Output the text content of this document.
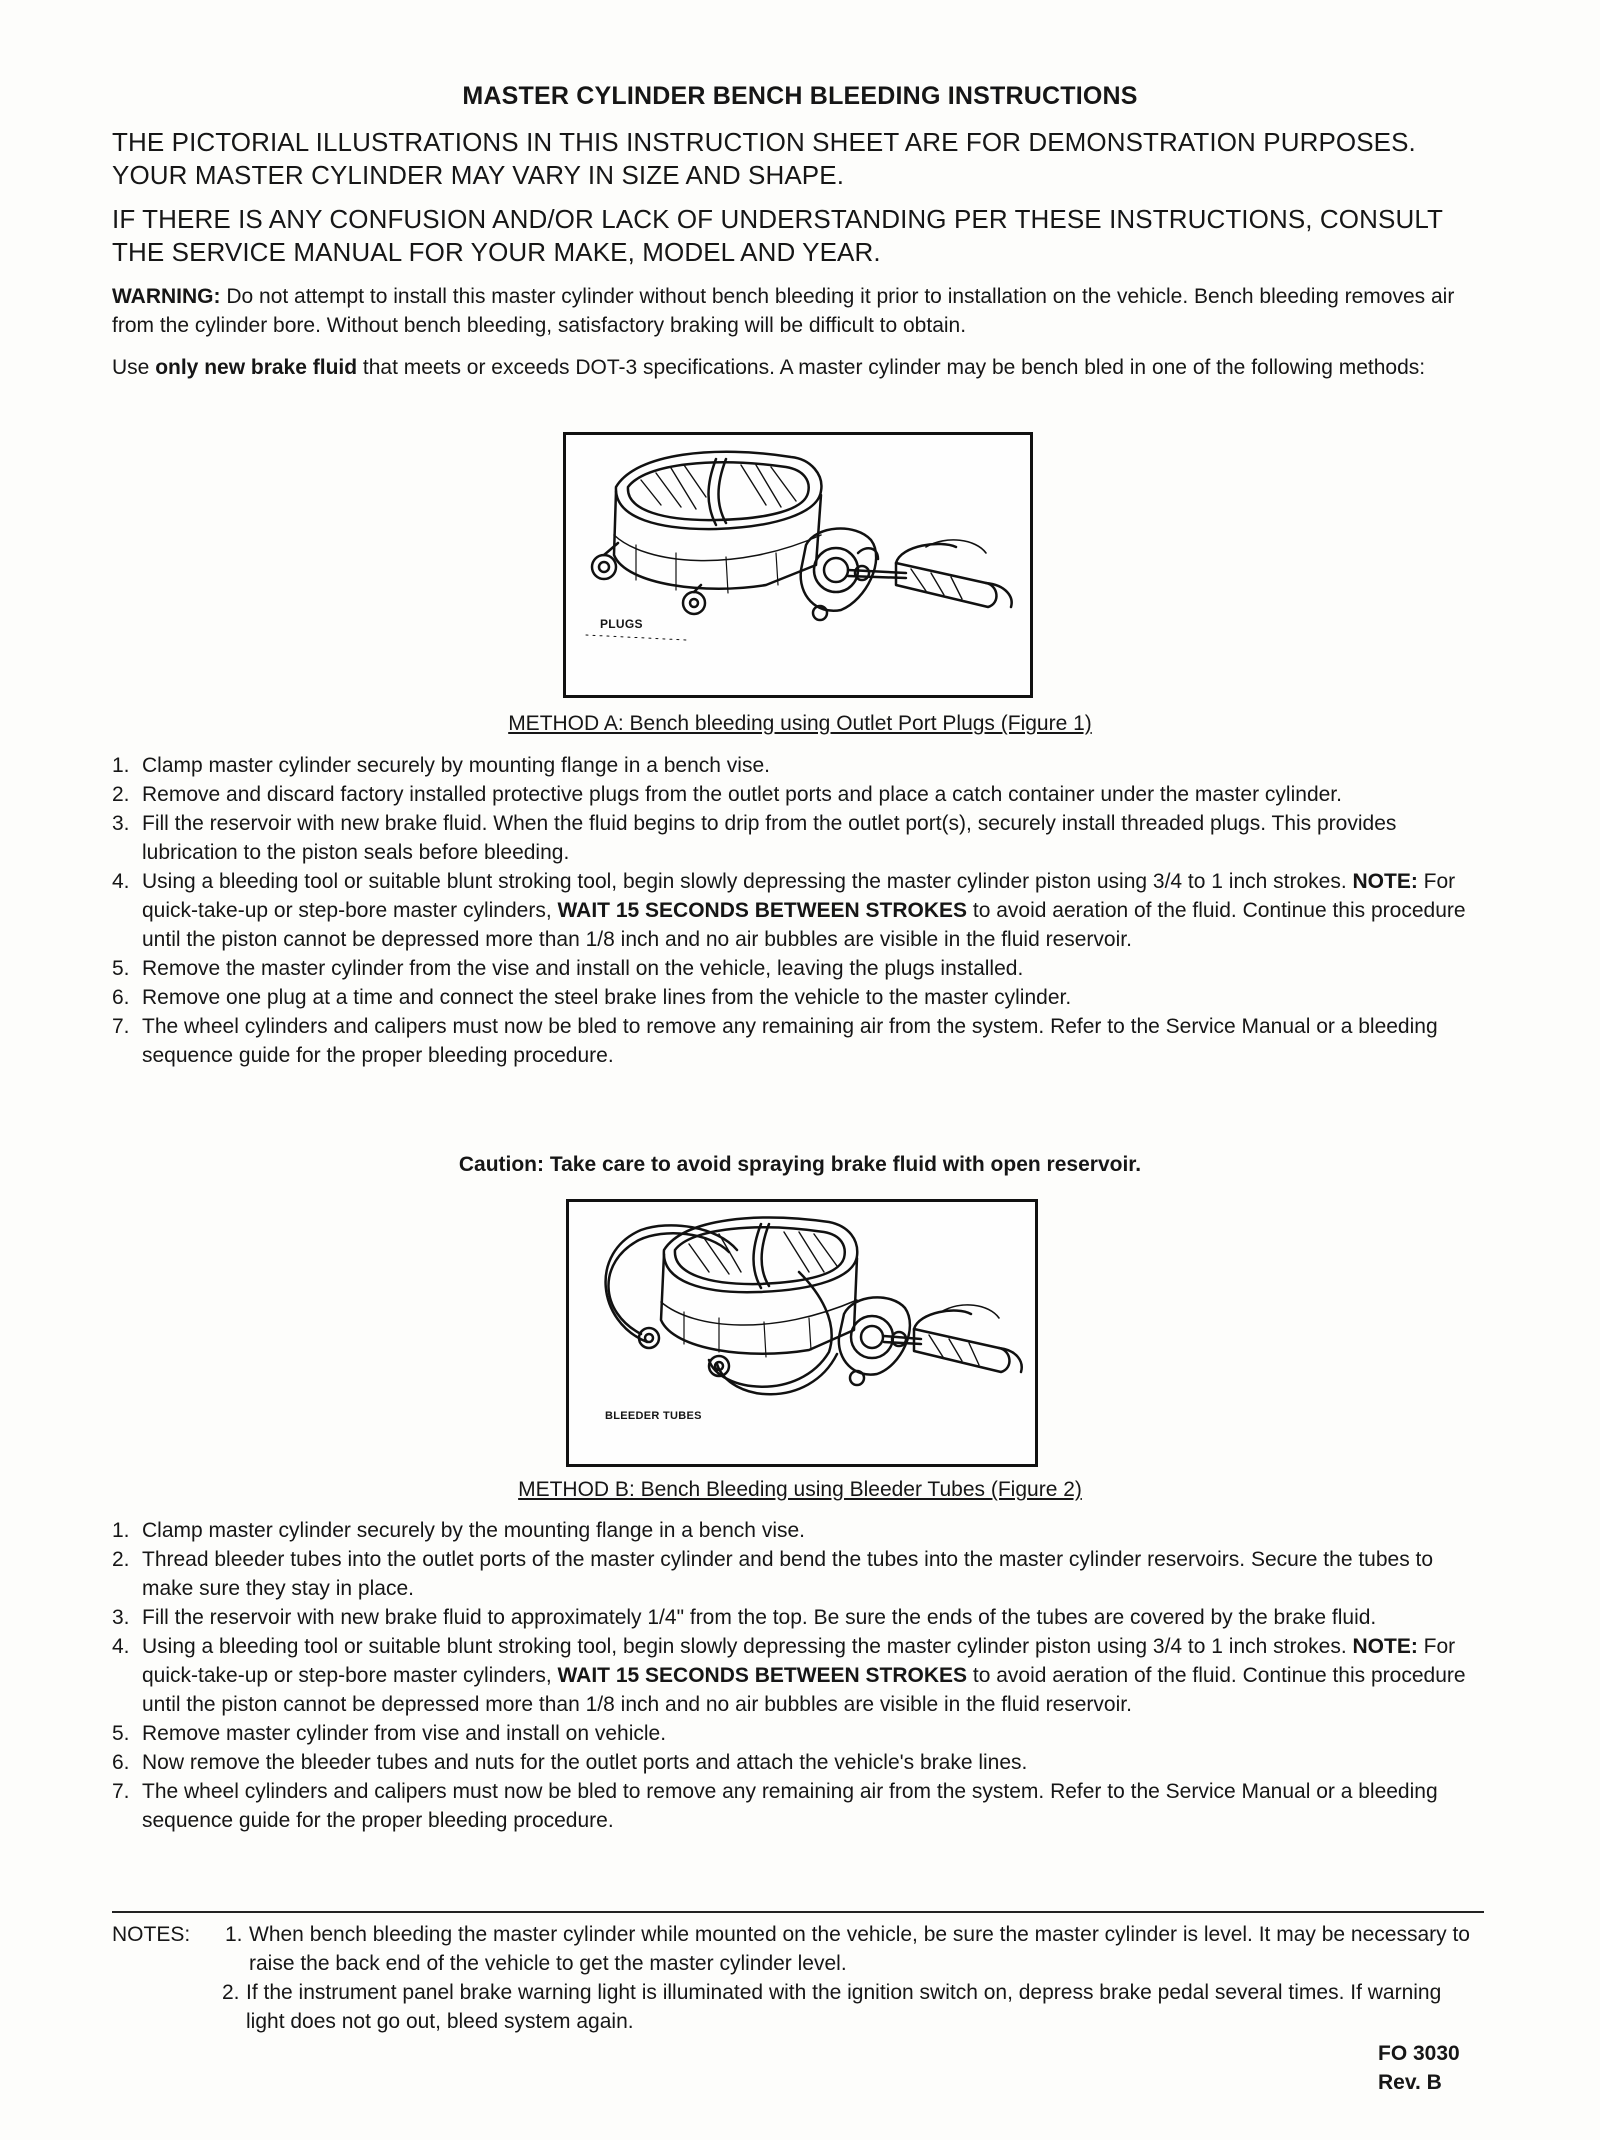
MASTER CYLINDER BENCH BLEEDING INSTRUCTIONS
THE PICTORIAL ILLUSTRATIONS IN THIS INSTRUCTION SHEET ARE FOR DEMONSTRATION PURPOSES. YOUR MASTER CYLINDER MAY VARY IN SIZE AND SHAPE.
IF THERE IS ANY CONFUSION AND/OR LACK OF UNDERSTANDING PER THESE INSTRUCTIONS, CONSULT THE SERVICE MANUAL FOR YOUR MAKE, MODEL AND YEAR.
WARNING: Do not attempt to install this master cylinder without bench bleeding it prior to installation on the vehicle. Bench bleeding removes air from the cylinder bore. Without bench bleeding, satisfactory braking will be difficult to obtain.
Use only new brake fluid that meets or exceeds DOT-3 specifications. A master cylinder may be bench bled in one of the following methods:
PLUGS
METHOD A: Bench bleeding using Outlet Port Plugs (Figure 1)
1. Clamp master cylinder securely by mounting flange in a bench vise.
2. Remove and discard factory installed protective plugs from the outlet ports and place a catch container under the master cylinder.
3. Fill the reservoir with new brake fluid. When the fluid begins to drip from the outlet port(s), securely install threaded plugs. This provides lubrication to the piston seals before bleeding.
4. Using a bleeding tool or suitable blunt stroking tool, begin slowly depressing the master cylinder piston using 3/4 to 1 inch strokes. NOTE: For quick-take-up or step-bore master cylinders, WAIT 15 SECONDS BETWEEN STROKES to avoid aeration of the fluid. Continue this procedure until the piston cannot be depressed more than 1/8 inch and no air bubbles are visible in the fluid reservoir.
5. Remove the master cylinder from the vise and install on the vehicle, leaving the plugs installed.
6. Remove one plug at a time and connect the steel brake lines from the vehicle to the master cylinder.
7. The wheel cylinders and calipers must now be bled to remove any remaining air from the system. Refer to the Service Manual or a bleeding sequence guide for the proper bleeding procedure.
Caution: Take care to avoid spraying brake fluid with open reservoir.
BLEEDER TUBES
METHOD B: Bench Bleeding using Bleeder Tubes (Figure 2)
1. Clamp master cylinder securely by the mounting flange in a bench vise.
2. Thread bleeder tubes into the outlet ports of the master cylinder and bend the tubes into the master cylinder reservoirs. Secure the tubes to make sure they stay in place.
3. Fill the reservoir with new brake fluid to approximately 1/4" from the top. Be sure the ends of the tubes are covered by the brake fluid.
4. Using a bleeding tool or suitable blunt stroking tool, begin slowly depressing the master cylinder piston using 3/4 to 1 inch strokes. NOTE: For quick-take-up or step-bore master cylinders, WAIT 15 SECONDS BETWEEN STROKES to avoid aeration of the fluid. Continue this procedure until the piston cannot be depressed more than 1/8 inch and no air bubbles are visible in the fluid reservoir.
5. Remove master cylinder from vise and install on vehicle.
6. Now remove the bleeder tubes and nuts for the outlet ports and attach the vehicle's brake lines.
7. The wheel cylinders and calipers must now be bled to remove any remaining air from the system. Refer to the Service Manual or a bleeding sequence guide for the proper bleeding procedure.
NOTES: 1. When bench bleeding the master cylinder while mounted on the vehicle, be sure the master cylinder is level. It may be necessary to raise the back end of the vehicle to get the master cylinder level.
2. If the instrument panel brake warning light is illuminated with the ignition switch on, depress brake pedal several times. If warning light does not go out, bleed system again.
FO 3030
Rev. B
